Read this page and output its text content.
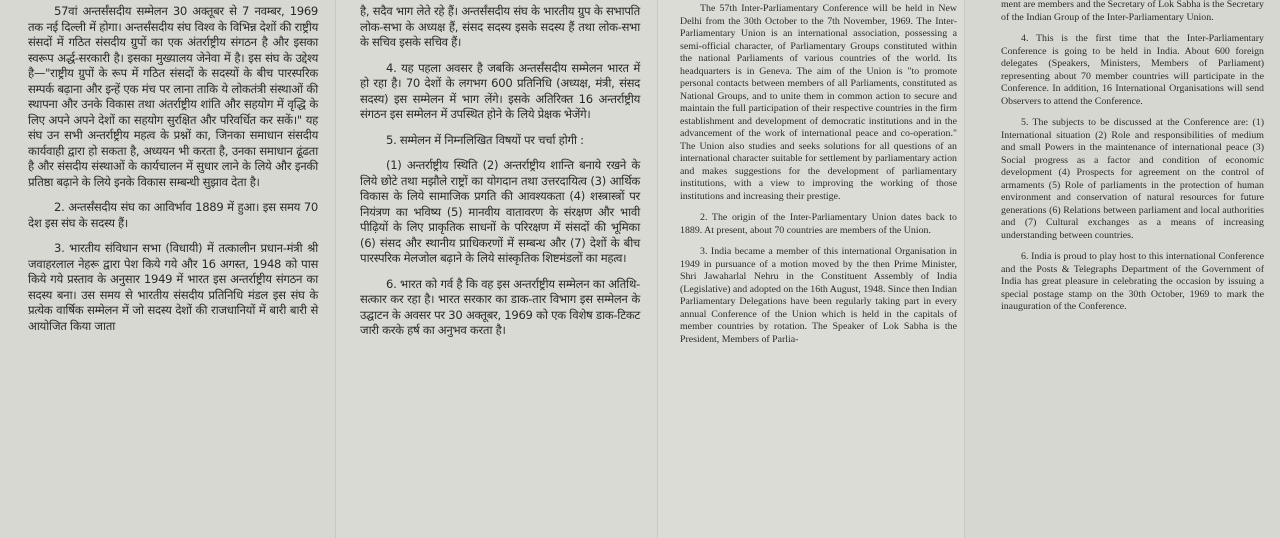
57वां अन्तर्संसदीय सम्मेलन 30 अक्तूबर से 7 नवम्बर, 1969 तक नई दिल्ली में होगा। अन्तर्संसदीय संघ विश्व के विभिन्न देशों की राष्ट्रीय संसदों में गठित संसदीय ग्रुपों का एक अंतर्राष्ट्रीय संगठन है और इसका स्वरूप अर्द्ध-सरकारी है। इसका मुख्यालय जेनेवा में है। इस संघ के उद्देश्य है—"राष्ट्रीय ग्रुपों के रूप में गठित संसदों के सदस्यों के बीच पारस्परिक सम्पर्क बढ़ाना और इन्हें एक मंच पर लाना ताकि ये लोकतंत्री संस्थाओं की स्थापना और उनके विकास तथा अंतर्राष्ट्रीय शांति और सहयोग में वृद्धि के लिए अपने अपने देशों का सहयोग सुरक्षित और परिवर्धित कर सकें।" यह संघ उन सभी अन्तर्राष्ट्रीय महत्व के प्रश्नों का, जिनका समाधान संसदीय कार्यवाही द्वारा हो सकता है, अध्ययन भी करता है, उनका समाधान ढूंढता है और संसदीय संस्थाओं के कार्यचालन में सुधार लाने के लिये और इनकी प्रतिष्ठा बढ़ाने के लिये इनके विकास सम्बन्धी सुझाव देता है।

2. अन्तर्संसदीय संघ का आविर्भाव 1889 में हुआ। इस समय 70 देश इस संघ के सदस्य हैं।

3. भारतीय संविधान सभा (विधायी) में तत्कालीन प्रधान-मंत्री श्री जवाहरलाल नेहरू द्वारा पेश किये गये और 16 अगस्त, 1948 को पास किये गये प्रस्ताव के अनुसार 1949 में भारत इस अन्तर्राष्ट्रीय संगठन का सदस्य बना। उस समय से भारतीय संसदीय प्रतिनिधि मंडल इस संघ के प्रत्येक वार्षिक सम्मेलन में जो सदस्य देशों की राजधानियों में बारी बारी से आयोजित किया जाता

है, सदैव भाग लेते रहे हैं। अन्तर्संसदीय संघ के भारतीय ग्रुप के सभापति लोक-सभा के अध्यक्ष हैं, संसद सदस्य इसके सदस्य हैं तथा लोक-सभा के सचिव इसके सचिव हैं।

4. यह पहला अवसर है जबकि अन्तर्संसदीय सम्मेलन भारत में हो रहा है। 70 देशों के लगभग 600 प्रतिनिधि (अध्यक्ष, मंत्री, संसद सदस्य) इस सम्मेलन में भाग लेंगे। इसके अतिरिक्त 16 अन्तर्राष्ट्रीय संगठन इस सम्मेलन में उपस्थित होने के लिये प्रेक्षक भेजेंगे।

5. सम्मेलन में निम्नलिखित विषयों पर चर्चा होगी :

(1) अन्तर्राष्ट्रीय स्थिति (2) अन्तर्राष्ट्रीय शान्ति बनाये रखने के लिये छोटे तथा मझौले राष्ट्रों का योगदान तथा उत्तरदायित्व (3) आर्थिक विकास के लिये सामाजिक प्रगति की आवश्यकता (4) शस्त्रास्त्रों पर नियंत्रण का भविष्य (5) मानवीय वातावरण के संरक्षण और भावी पीढ़ियों के लिए प्राकृतिक साधनों के परिरक्षण में संसदों की भूमिका (6) संसद और स्थानीय प्राधिकरणों में सम्बन्ध और (7) देशों के बीच पारस्परिक मेलजोल बढ़ाने के लिये सांस्कृतिक शिष्टमंडलों का महत्व।

6. भारत को गर्व है कि वह इस अन्तर्राष्ट्रीय सम्मेलन का अतिथि-सत्कार कर रहा है। भारत सरकार का डाक-तार विभाग इस सम्मेलन के उद्घाटन के अवसर पर 30 अक्तूबर, 1969 को एक विशेष डाक-टिकट जारी करके हर्ष का अनुभव करता है।

The 57th Inter-Parliamentary Conference will be held in New Delhi from the 30th October to the 7th November, 1969. The Inter-Parliamentary Union is an international association, possessing a semi-official character, of Parliamentary Groups constituted within the national Parliaments of various countries of the world. Its headquarters is in Geneva. The aim of the Union is "to promote personal contacts between members of all Parliaments, constituted as National Groups, and to unite them in common action to secure and maintain the full participation of their respective countries in the firm establishment and development of democratic institutions and in the advancement of the work of international peace and co-operation." The Union also studies and seeks solutions for all questions of an international character suitable for settlement by parliamentary action and makes suggestions for the development of parliamentary institutions, with a view to improving the working of those institutions and increasing their prestige.

2. The origin of the Inter-Parliamentary Union dates back to 1889. At present, about 70 countries are members of the Union.

3. India became a member of this international Organisation in 1949 in pursuance of a motion moved by the then Prime Minister, Shri Jawaharlal Nehru in the Constituent Assembly of India (Legislative) and adopted on the 16th August, 1948. Since then Indian Parliamentary Delegations have been regularly taking part in every annual Conference of the Union which is held in the capitals of member countries by rotation. The Speaker of Lok Sabha is the President, Members of Parlia-

ment are members and the Secretary of Lok Sabha is the Secretary of the Indian Group of the Inter-Parliamentary Union.

4. This is the first time that the Inter-Parliamentary Conference is going to be held in India. About 600 foreign delegates (Speakers, Ministers, Members of Parliament) representing about 70 member countries will participate in the Conference. In addition, 16 International Organisations will send Observers to attend the Conference.

5. The subjects to be discussed at the Conference are: (1) International situation (2) Role and responsibilities of medium and small Powers in the maintenance of international peace (3) Social progress as a factor and condition of economic development (4) Prospects for agreement on the control of armaments (5) Role of parliaments in the protection of human environment and conservation of natural resources for future generations (6) Relations between parliament and local authorities and (7) Cultural exchanges as a means of increasing understanding between countries.

6. India is proud to play host to this international Conference and the Posts & Telegraphs Department of the Government of India has great pleasure in celebrating the occasion by issuing a special postage stamp on the 30th October, 1969 to mark the inauguration of the Conference.
